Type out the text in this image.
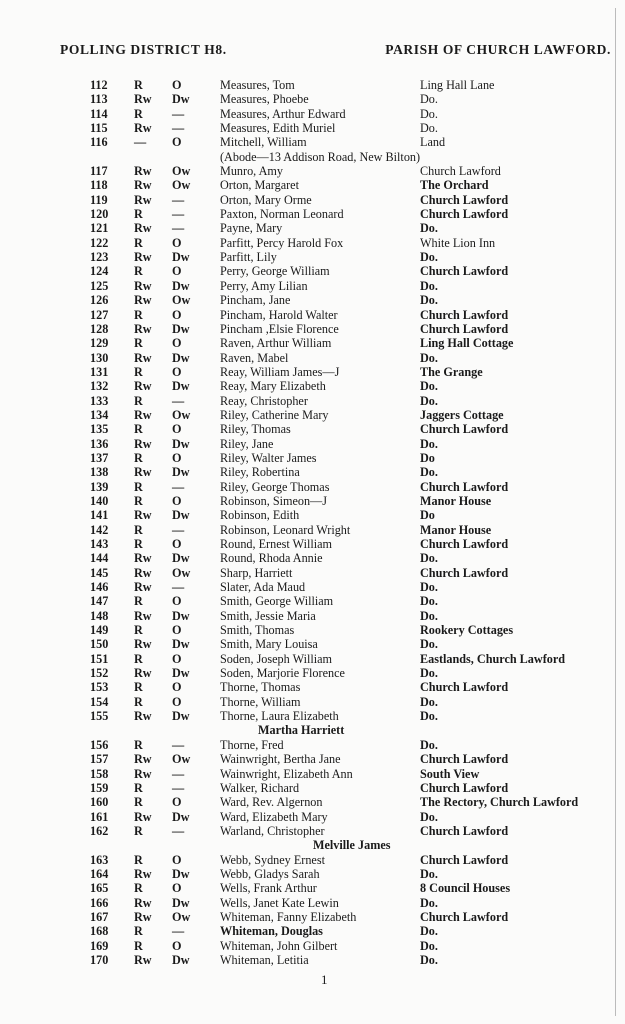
POLLING DISTRICT H8.	PARISH OF CHURCH LAWFORD.
112	R O	Measures, Tom	Ling Hall Lane
113	Rw Dw Measures, Phoebe	Do.
114	R —	Measures, Arthur Edward	Do.
115	Rw —	Measures, Edith Muriel	Do.
116	— O	Mitchell, William	Land
(Abode—13 Addison Road, New Bilton)
117	Rw Ow Munro, Amy	Church Lawford
118	Rw Ow Orton, Margaret	The Orchard
119	Rw —	Orton, Mary Orme	Church Lawford
120	R —	Paxton, Norman Leonard	Church Lawford
121	Rw —	Payne, Mary	Do.
122	R O	Parfitt, Percy Harold Fox	White Lion Inn
123	Rw Dw Parfitt, Lily	Do.
124	R O	Perry, George William	Church Lawford
125	Rw Dw Perry, Amy Lilian	Do.
126	Rw Ow Pincham, Jane	Do.
127	R O	Pincham, Harold Walter	Church Lawford
128	Rw Dw Pincham ,Elsie Florence	Church Lawford
129	R O	Raven, Arthur William	Ling Hall Cottage
130	Rw Dw Raven, Mabel	Do.
131	R O	Reay, William James—J	The Grange
132	Rw Dw Reay, Mary Elizabeth	Do.
133	R —	Reay, Christopher	Do.
134	Rw Ow Riley, Catherine Mary	Jaggers Cottage
135	R O	Riley, Thomas	Church Lawford
136	Rw Dw Riley, Jane	Do.
137	R O	Riley, Walter James	Do
138	Rw Dw Riley, Robertina	Do.
139	R —	Riley, George Thomas	Church Lawford
140	R O	Robinson, Simeon—J	Manor House
141	Rw Dw Robinson, Edith	Do
142	R —	Robinson, Leonard Wright	Manor House
143	R O	Round, Ernest William	Church Lawford
144	Rw Dw Round, Rhoda Annie	Do.
145	Rw Ow Sharp, Harriett	Church Lawford
146	Rw —	Slater, Ada Maud	Do.
147	R O	Smith, George William	Do.
148	Rw Dw Smith, Jessie Maria	Do.
149	R O	Smith, Thomas	Rookery Cottages
150	Rw Dw Smith, Mary Louisa	Do.
151	R O	Soden, Joseph William	Eastlands, Church Lawford
152	Rw Dw Soden, Marjorie Florence	Do.
153	R O	Thorne, Thomas	Church Lawford
154	R O	Thorne, William	Do.
155	Rw Dw Thorne, Laura Elizabeth	Do.
Martha Harriett
156	R —	Thorne, Fred	Do.
157	Rw Ow Wainwright, Bertha Jane	Church Lawford
158	Rw —	Wainwright, Elizabeth Ann	South View
159	R —	Walker, Richard	Church Lawford
160	R O	Ward, Rev. Algernon	The Rectory, Church Lawford
161	Rw Dw Ward, Elizabeth Mary	Do.
162	R —	Warland, Christopher	Church Lawford
Melville James
163	R O	Webb, Sydney Ernest	Church Lawford
164	Rw Dw Webb, Gladys Sarah	Do.
165	R O	Wells, Frank Arthur	8 Council Houses
166	Rw Dw Wells, Janet Kate Lewin	Do.
167	Rw Ow Whiteman, Fanny Elizabeth	Church Lawford
168	R —	Whiteman, Douglas	Do.
169	R O	Whiteman, John Gilbert	Do.
170	Rw Dw Whiteman, Letitia	Do.
1
